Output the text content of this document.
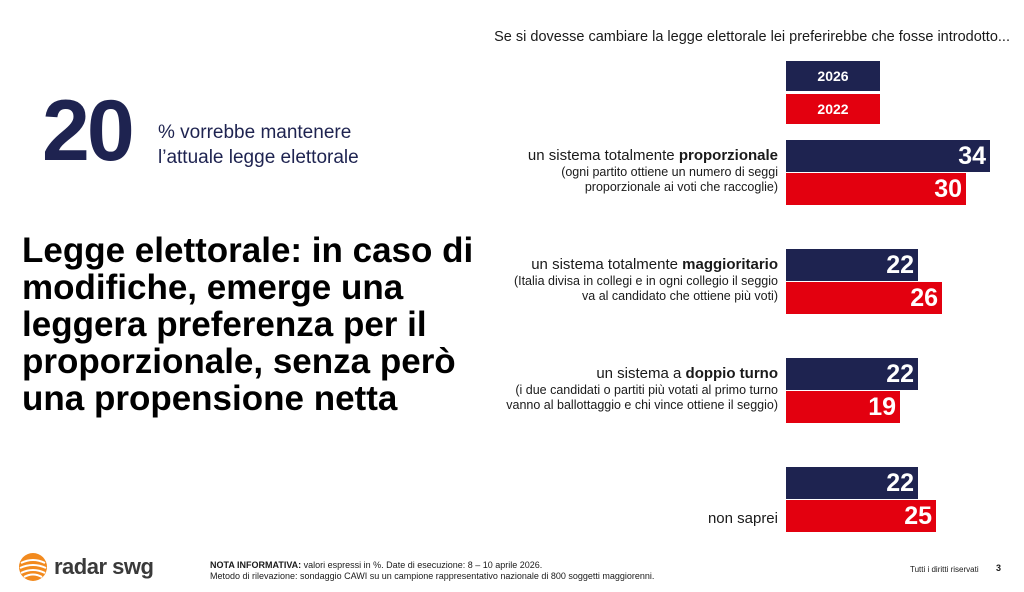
20 % vorrebbe mantenere l’attuale legge elettorale
Legge elettorale: in caso di modifiche, emerge una leggera preferenza per il proporzionale, senza però una propensione netta
Se si dovesse cambiare la legge elettorale lei preferirebbe che fosse introdotto...
2026
2022
34
30
un sistema totalmente proporzionale
(ogni partito ottiene un numero di seggi
proporzionale ai voti che raccoglie)
22
26
un sistema totalmente maggioritario
(Italia divisa in collegi e in ogni collegio il seggio
va al candidato che ottiene più voti)
22
19
un sistema a doppio turno
(i due candidati o partiti più votati al primo turno
vanno al ballottaggio e chi vince ottiene il seggio)
22
25
non saprei
radar swg	NOTA INFORMATIVA: valori espressi in %. Date di esecuzione: 8 – 10 aprile 2026.
Metodo di rilevazione: sondaggio CAWI su un campione rappresentativo nazionale di 800 soggetti maggiorenni.
Tutti i diritti riservati 3
